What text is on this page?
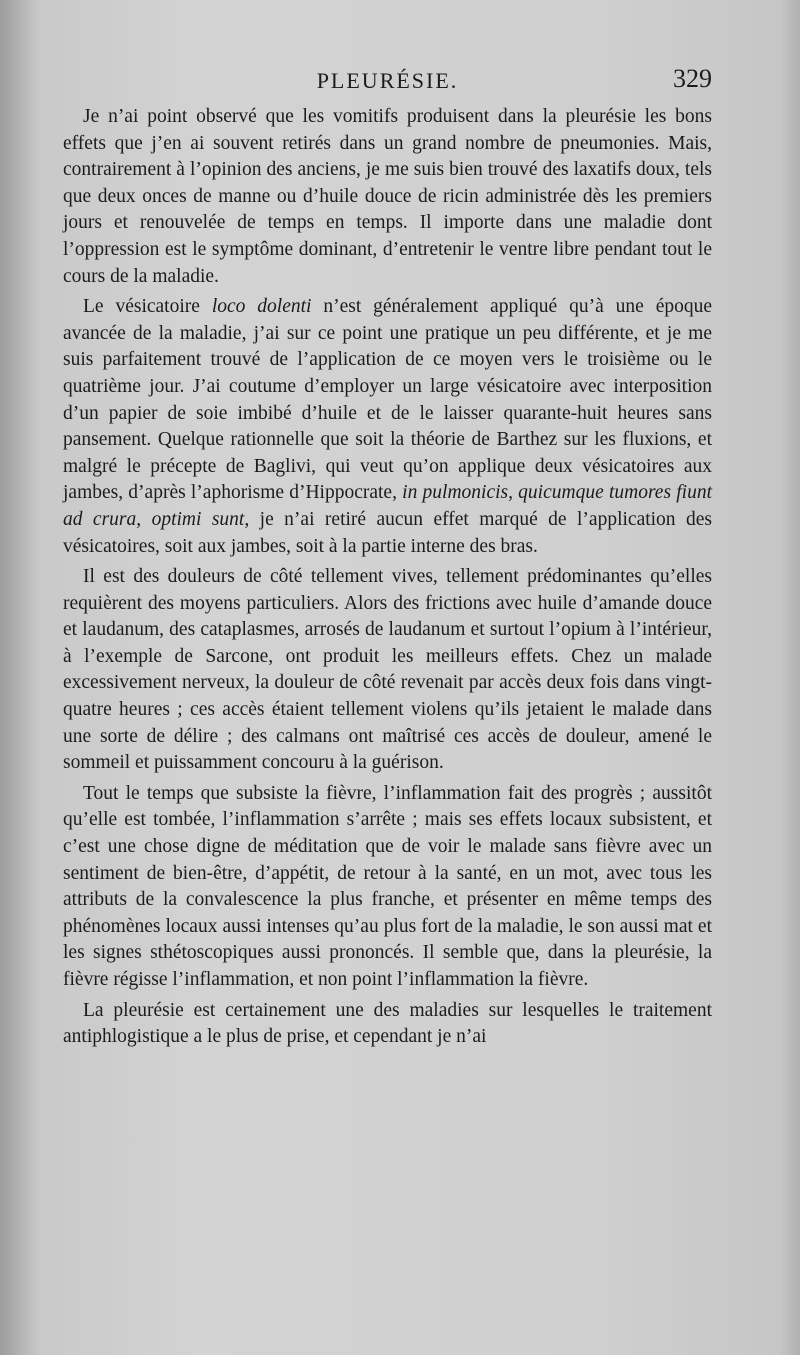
PLEURÉSIE.	329

Je n’ai point observé que les vomitifs produisent dans la pleurésie les bons effets que j’en ai souvent retirés dans un grand nombre de pneumonies. Mais, contrairement à l’opinion des anciens, je me suis bien trouvé des laxatifs doux, tels que deux onces de manne ou d’huile douce de ricin administrée dès les premiers jours et renouvelée de temps en temps. Il importe dans une maladie dont l’oppression est le symptôme dominant, d’entretenir le ventre libre pendant tout le cours de la maladie.

Le vésicatoire loco dolenti n’est généralement appliqué qu’à une époque avancée de la maladie, j’ai sur ce point une pratique un peu différente, et je me suis parfaitement trouvé de l’application de ce moyen vers le troisième ou le quatrième jour. J’ai coutume d’employer un large vésicatoire avec interposition d’un papier de soie imbibé d’huile et de le laisser quarante-huit heures sans pansement. Quelque rationnelle que soit la théorie de Barthez sur les fluxions, et malgré le précepte de Baglivi, qui veut qu’on applique deux vésicatoires aux jambes, d’après l’aphorisme d’Hippocrate, in pulmonicis, quicumque tumores fiunt ad crura, optimi sunt, je n’ai retiré aucun effet marqué de l’application des vésicatoires, soit aux jambes, soit à la partie interne des bras.

Il est des douleurs de côté tellement vives, tellement prédominantes qu’elles requièrent des moyens particuliers. Alors des frictions avec huile d’amande douce et laudanum, des cataplasmes, arrosés de laudanum et surtout l’opium à l’intérieur, à l’exemple de Sarcone, ont produit les meilleurs effets. Chez un malade excessivement nerveux, la douleur de côté revenait par accès deux fois dans vingt-quatre heures ; ces accès étaient tellement violens qu’ils jetaient le malade dans une sorte de délire ; des calmans ont maîtrisé ces accès de douleur, amené le sommeil et puissamment concouru à la guérison.

Tout le temps que subsiste la fièvre, l’inflammation fait des progrès ; aussitôt qu’elle est tombée, l’inflammation s’arrête ; mais ses effets locaux subsistent, et c’est une chose digne de méditation que de voir le malade sans fièvre avec un sentiment de bien-être, d’appétit, de retour à la santé, en un mot, avec tous les attributs de la convalescence la plus franche, et présenter en même temps des phénomènes locaux aussi intenses qu’au plus fort de la maladie, le son aussi mat et les signes sthétoscopiques aussi prononcés. Il semble que, dans la pleurésie, la fièvre régisse l’inflammation, et non point l’inflammation la fièvre.

La pleurésie est certainement une des maladies sur lesquelles le traitement antiphlogistique a le plus de prise, et cependant je n’ai
